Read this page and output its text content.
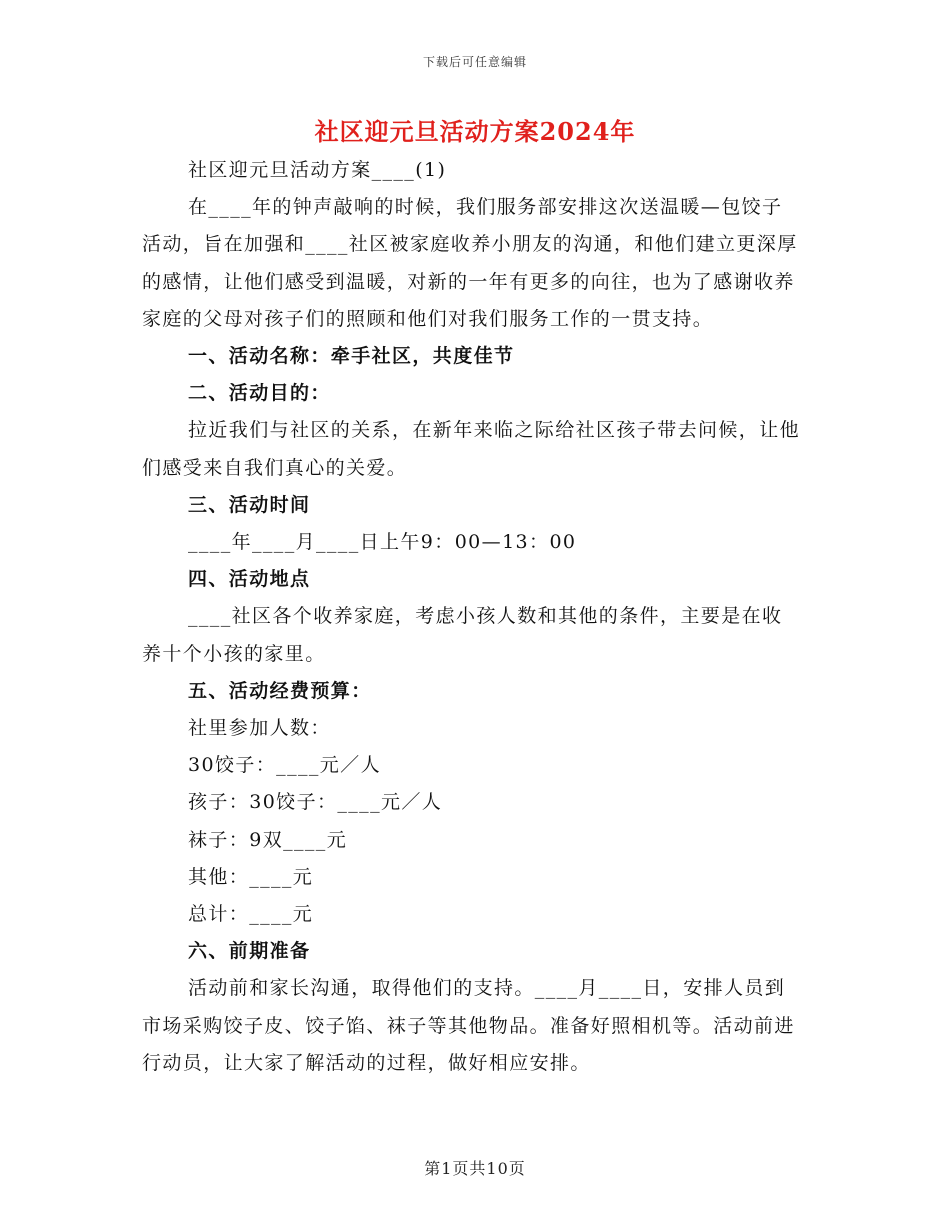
下载后可任意编辑
社区迎元旦活动方案2024年

社区迎元旦活动方案____(1)

在____年的钟声敲响的时候，我们服务部安排这次送温暖—包饺子活动，旨在加强和____社区被家庭收养小朋友的沟通，和他们建立更深厚的感情，让他们感受到温暖，对新的一年有更多的向往，也为了感谢收养家庭的父母对孩子们的照顾和他们对我们服务工作的一贯支持。

一、活动名称：牵手社区，共度佳节

二、活动目的：

拉近我们与社区的关系，在新年来临之际给社区孩子带去问候，让他们感受来自我们真心的关爱。

三、活动时间

____年____月____日上午9：00—13：00

四、活动地点

____社区各个收养家庭，考虑小孩人数和其他的条件，主要是在收养十个小孩的家里。

五、活动经费预算：

社里参加人数：

30饺子：____元／人

孩子：30饺子：____元／人

袜子：9双____元

其他：____元

总计：____元

六、前期准备

活动前和家长沟通，取得他们的支持。____月____日，安排人员到市场采购饺子皮、饺子馅、袜子等其他物品。准备好照相机等。活动前进行动员，让大家了解活动的过程，做好相应安排。

第1页共10页
